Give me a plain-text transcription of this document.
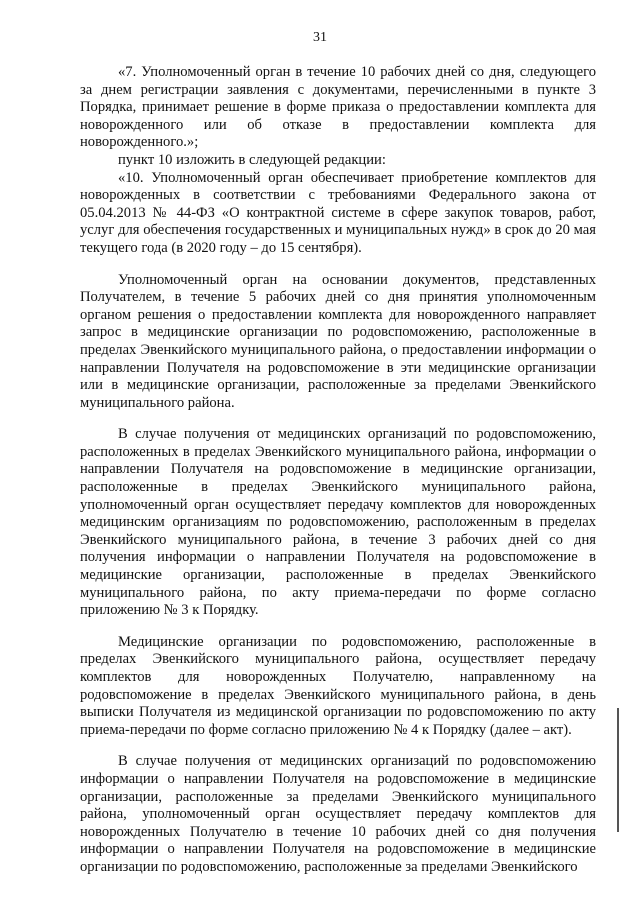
31

«7. Уполномоченный орган в течение 10 рабочих дней со дня, следующего за днем регистрации заявления с документами, перечисленными в пункте 3 Порядка, принимает решение в форме приказа о предоставлении комплекта для новорожденного или об отказе в предоставлении комплекта для новорожденного.»;

пункт 10 изложить в следующей редакции:

«10. Уполномоченный орган обеспечивает приобретение комплектов для новорожденных в соответствии с требованиями Федерального закона от 05.04.2013 № 44-ФЗ «О контрактной системе в сфере закупок товаров, работ, услуг для обеспечения государственных и муниципальных нужд» в срок до 20 мая текущего года (в 2020 году – до 15 сентября).

Уполномоченный орган на основании документов, представленных Получателем, в течение 5 рабочих дней со дня принятия уполномоченным органом решения о предоставлении комплекта для новорожденного направляет запрос в медицинские организации по родовспоможению, расположенные в пределах Эвенкийского муниципального района, о предоставлении информации о направлении Получателя на родовспоможение в эти медицинские организации или в медицинские организации, расположенные за пределами Эвенкийского муниципального района.

В случае получения от медицинских организаций по родовспоможению, расположенных в пределах Эвенкийского муниципального района, информации о направлении Получателя на родовспоможение в медицинские организации, расположенные в пределах Эвенкийского муниципального района, уполномоченный орган осуществляет передачу комплектов для новорожденных медицинским организациям по родовспоможению, расположенным в пределах Эвенкийского муниципального района, в течение 3 рабочих дней со дня получения информации о направлении Получателя на родовспоможение в медицинские организации, расположенные в пределах Эвенкийского муниципального района, по акту приема-передачи по форме согласно приложению № 3 к Порядку.

Медицинские организации по родовспоможению, расположенные в пределах Эвенкийского муниципального района, осуществляет передачу комплектов для новорожденных Получателю, направленному на родовспоможение в пределах Эвенкийского муниципального района, в день выписки Получателя из медицинской организации по родовспоможению по акту приема-передачи по форме согласно приложению № 4 к Порядку (далее – акт).

В случае получения от медицинских организаций по родовспоможению информации о направлении Получателя на родовспоможение в медицинские организации, расположенные за пределами Эвенкийского муниципального района, уполномоченный орган осуществляет передачу комплектов для новорожденных Получателю в течение 10 рабочих дней со дня получения информации о направлении Получателя на родовспоможение в медицинские организации по родовспоможению, расположенные за пределами Эвенкийского
